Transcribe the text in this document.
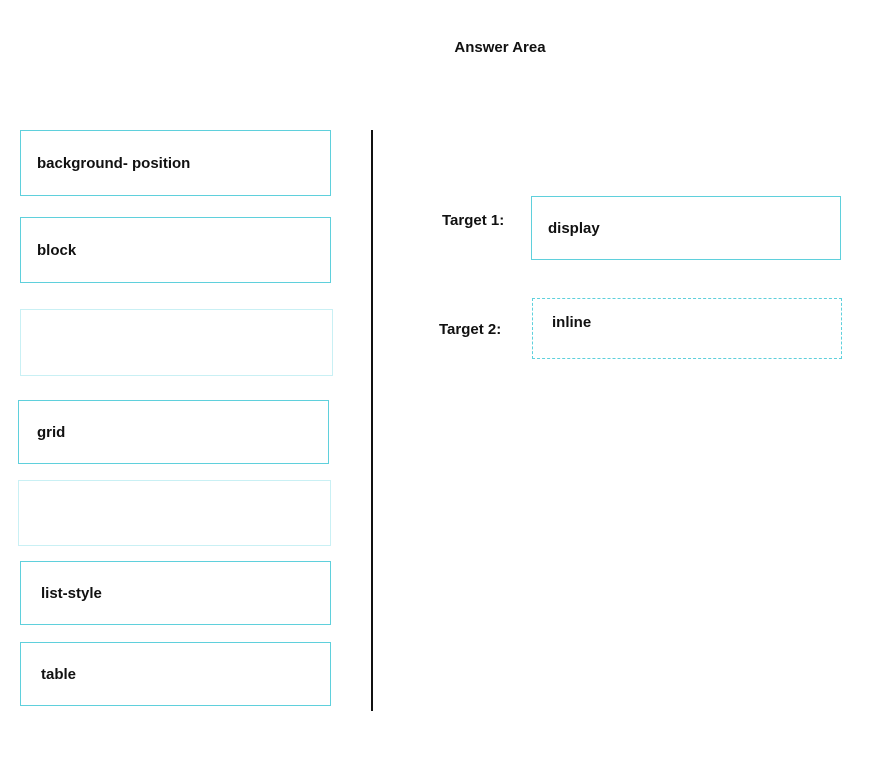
Answer Area
background- position
block
grid
list-style
table
Target 1:	display
Target 2:	inline
